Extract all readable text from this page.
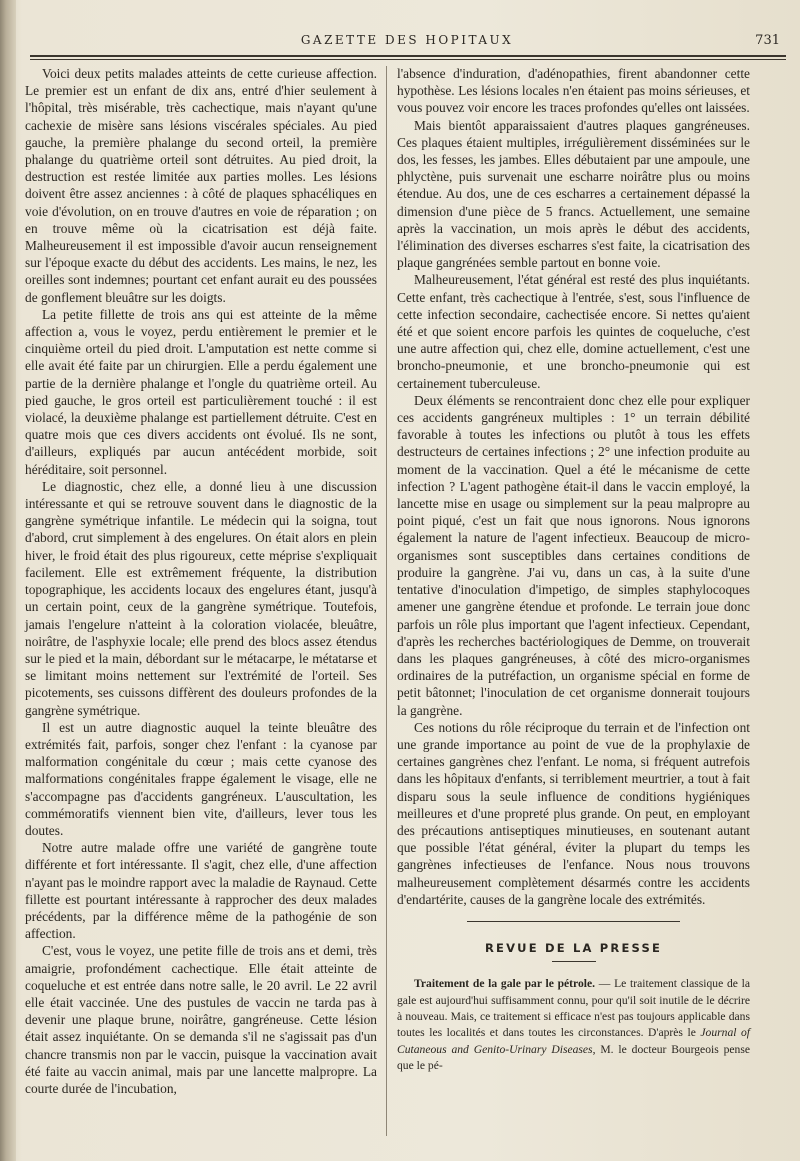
GAZETTE DES HOPITAUX	731

Voici deux petits malades atteints de cette curieuse affection. Le premier est un enfant de dix ans, entré d'hier seulement à l'hôpital, très misérable, très cachectique, mais n'ayant qu'une cachexie de misère sans lésions viscérales spéciales. Au pied gauche, la première phalange du second orteil, la première phalange du quatrième orteil sont détruites. Au pied droit, la destruction est restée limitée aux parties molles. Les lésions doivent être assez anciennes : à côté de plaques sphacéliques en voie d'évolution, on en trouve d'autres en voie de réparation ; on en trouve même où la cicatrisation est déjà faite. Malheureusement il est impossible d'avoir aucun renseignement sur l'époque exacte du début des accidents. Les mains, le nez, les oreilles sont indemnes; pourtant cet enfant aurait eu des poussées de gonflement bleuâtre sur les doigts.

La petite fillette de trois ans qui est atteinte de la même affection a, vous le voyez, perdu entièrement le premier et le cinquième orteil du pied droit. L'amputation est nette comme si elle avait été faite par un chirurgien. Elle a perdu également une partie de la dernière phalange et l'ongle du quatrième orteil. Au pied gauche, le gros orteil est particulièrement touché : il est violacé, la deuxième phalange est partiellement détruite. C'est en quatre mois que ces divers accidents ont évolué. Ils ne sont, d'ailleurs, expliqués par aucun antécédent morbide, soit héréditaire, soit personnel.

Le diagnostic, chez elle, a donné lieu à une discussion intéressante et qui se retrouve souvent dans le diagnostic de la gangrène symétrique infantile. Le médecin qui la soigna, tout d'abord, crut simplement à des engelures. On était alors en plein hiver, le froid était des plus rigoureux, cette méprise s'expliquait facilement. Elle est extrêmement fréquente, la distribution topographique, les accidents locaux des engelures étant, jusqu'à un certain point, ceux de la gangrène symétrique. Toutefois, jamais l'engelure n'atteint à la coloration violacée, bleuâtre, noirâtre, de l'asphyxie locale; elle prend des blocs assez étendus sur le pied et la main, débordant sur le métacarpe, le métatarse et se limitant moins nettement sur l'extrémité de l'orteil. Ses picotements, ses cuissons diffèrent des douleurs profondes de la gangrène symétrique.

Il est un autre diagnostic auquel la teinte bleuâtre des extrémités fait, parfois, songer chez l'enfant : la cyanose par malformation congénitale du cœur ; mais cette cyanose des malformations congénitales frappe également le visage, elle ne s'accompagne pas d'accidents gangréneux. L'auscultation, les commémoratifs viennent bien vite, d'ailleurs, lever tous les doutes.

Notre autre malade offre une variété de gangrène toute différente et fort intéressante. Il s'agit, chez elle, d'une affection n'ayant pas le moindre rapport avec la maladie de Raynaud. Cette fillette est pourtant intéressante à rapprocher des deux malades précédents, par la différence même de la pathogénie de son affection.

C'est, vous le voyez, une petite fille de trois ans et demi, très amaigrie, profondément cachectique. Elle était atteinte de coqueluche et est entrée dans notre salle, le 20 avril. Le 22 avril elle était vaccinée. Une des pustules de vaccin ne tarda pas à devenir une plaque brune, noirâtre, gangréneuse. Cette lésion était assez inquiétante. On se demanda s'il ne s'agissait pas d'un chancre transmis non par le vaccin, puisque la vaccination avait été faite au vaccin animal, mais par une lancette malpropre. La courte durée de l'incubation,

l'absence d'induration, d'adénopathies, firent abandonner cette hypothèse. Les lésions locales n'en étaient pas moins sérieuses, et vous pouvez voir encore les traces profondes qu'elles ont laissées.

Mais bientôt apparaissaient d'autres plaques gangréneuses. Ces plaques étaient multiples, irrégulièrement disséminées sur le dos, les fesses, les jambes. Elles débutaient par une ampoule, une phlyctène, puis survenait une escharre noirâtre plus ou moins étendue. Au dos, une de ces escharres a certainement dépassé la dimension d'une pièce de 5 francs. Actuellement, une semaine après la vaccination, un mois après le début des accidents, l'élimination des diverses escharres s'est faite, la cicatrisation des plaque gangrénées semble partout en bonne voie.

Malheureusement, l'état général est resté des plus inquiétants. Cette enfant, très cachectique à l'entrée, s'est, sous l'influence de cette infection secondaire, cachectisée encore. Si nettes qu'aient été et que soient encore parfois les quintes de coqueluche, c'est une autre affection qui, chez elle, domine actuellement, c'est une broncho-pneumonie, et une broncho-pneumonie qui est certainement tuberculeuse.

Deux éléments se rencontraient donc chez elle pour expliquer ces accidents gangréneux multiples : 1° un terrain débilité favorable à toutes les infections ou plutôt à tous les effets destructeurs de certaines infections ; 2° une infection produite au moment de la vaccination. Quel a été le mécanisme de cette infection ? L'agent pathogène était-il dans le vaccin employé, la lancette mise en usage ou simplement sur la peau malpropre au point piqué, c'est un fait que nous ignorons. Nous ignorons également la nature de l'agent infectieux. Beaucoup de micro-organismes sont susceptibles dans certaines conditions de produire la gangrène. J'ai vu, dans un cas, à la suite d'une tentative d'inoculation d'impetigo, de simples staphylocoques amener une gangrène étendue et profonde. Le terrain joue donc parfois un rôle plus important que l'agent infectieux. Cependant, d'après les recherches bactériologiques de Demme, on trouverait dans les plaques gangréneuses, à côté des micro-organismes ordinaires de la putréfaction, un organisme spécial en forme de petit bâtonnet; l'inoculation de cet organisme donnerait toujours la gangrène.

Ces notions du rôle réciproque du terrain et de l'infection ont une grande importance au point de vue de la prophylaxie de certaines gangrènes chez l'enfant. Le noma, si fréquent autrefois dans les hôpitaux d'enfants, si terriblement meurtrier, a tout à fait disparu sous la seule influence de conditions hygiéniques meilleures et d'une propreté plus grande. On peut, en employant des précautions antiseptiques minutieuses, en soutenant autant que possible l'état général, éviter la plupart du temps les gangrènes infectieuses de l'enfance. Nous nous trouvons malheureusement complètement désarmés contre les accidents d'endartérite, causes de la gangrène locale des extrémités.

REVUE DE LA PRESSE

Traitement de la gale par le pétrole. — Le traitement classique de la gale est aujourd'hui suffisamment connu, pour qu'il soit inutile de le décrire à nouveau. Mais, ce traitement si efficace n'est pas toujours applicable dans toutes les localités et dans toutes les circonstances. D'après le Journal of Cutaneous and Genito-Urinary Diseases, M. le docteur Bourgeois pense que le pé-
